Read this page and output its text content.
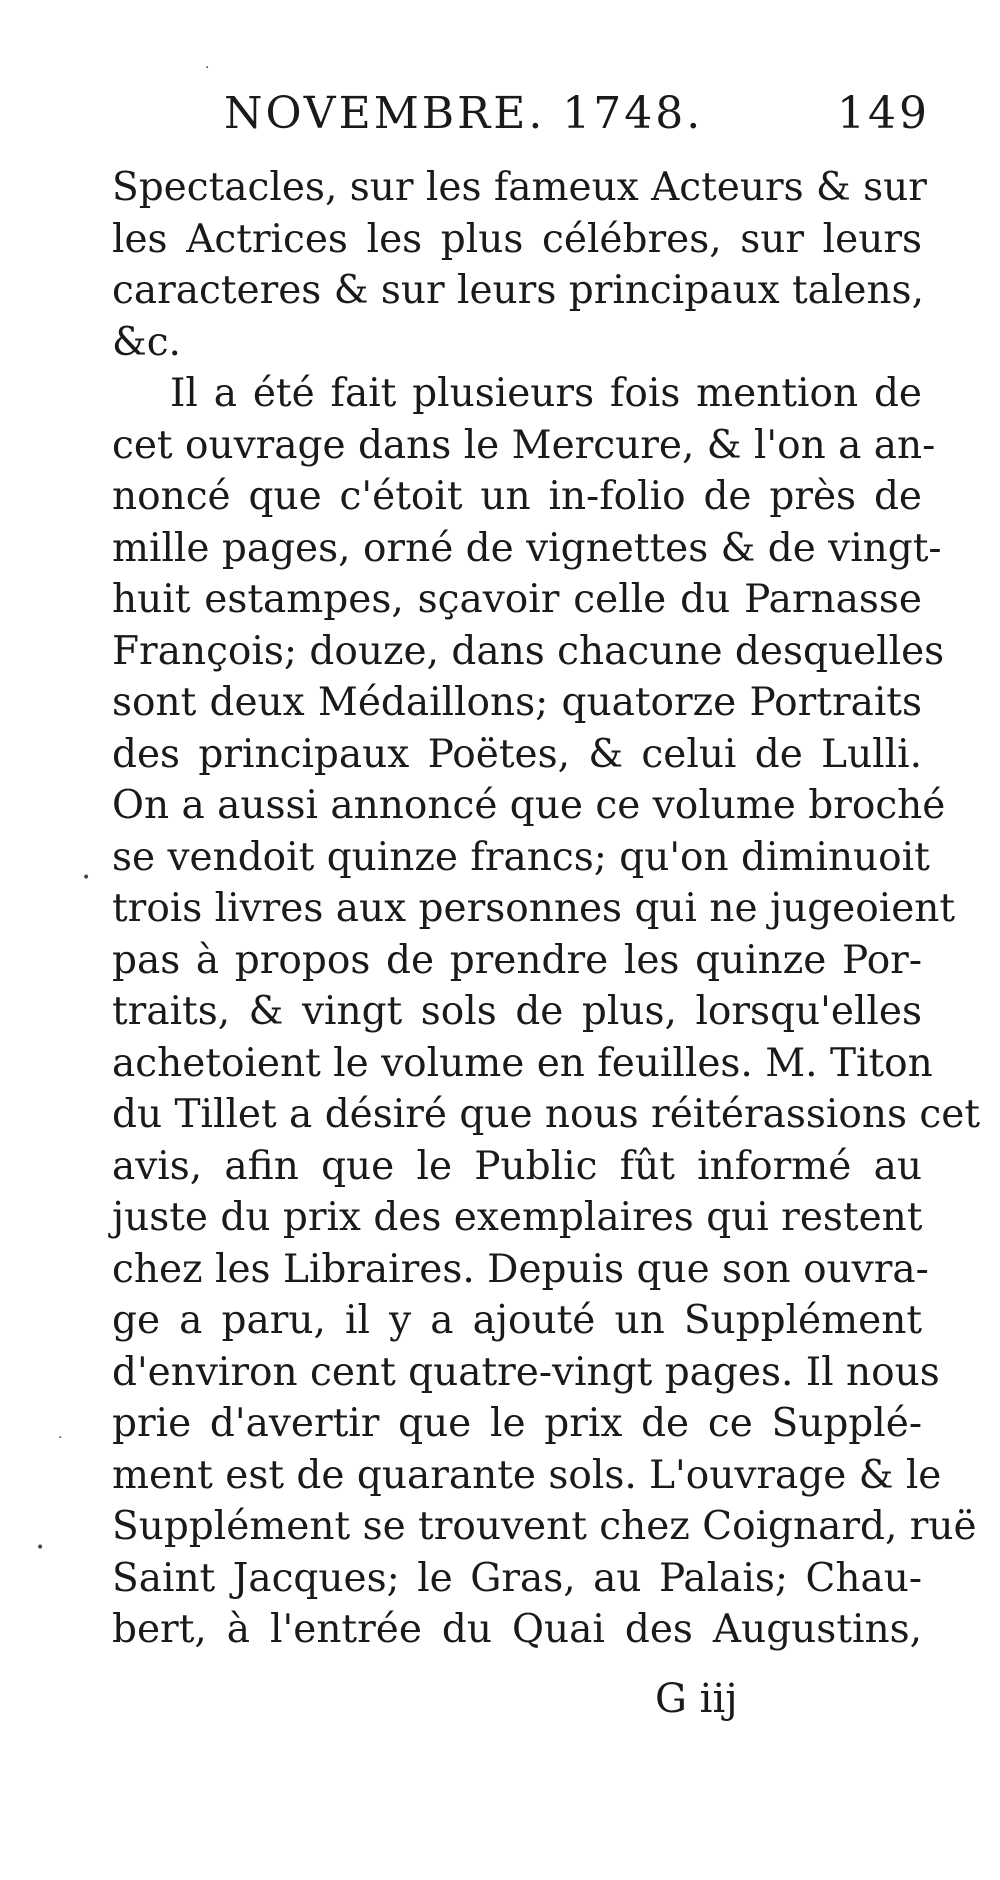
NOVEMBRE. 1748.	149
Spectacles, sur les fameux Acteurs & sur
les Actrices les plus célébres, sur leurs
caracteres & sur leurs principaux talens,
&c.
Il a été fait plusieurs fois mention de
cet ouvrage dans le Mercure, & l'on a an-
noncé que c'étoit un in-folio de près de
mille pages, orné de vignettes & de vingt-
huit estampes, sçavoir celle du Parnasse
François; douze, dans chacune desquelles
sont deux Médaillons; quatorze Portraits
des principaux Poëtes, & celui de Lulli.
On a aussi annoncé que ce volume broché
se vendoit quinze francs; qu'on diminuoit
trois livres aux personnes qui ne jugeoient
pas à propos de prendre les quinze Por-
traits, & vingt sols de plus, lorsqu'elles
achetoient le volume en feuilles. M. Titon
du Tillet a désiré que nous réitérassions cet
avis, afin que le Public fût informé au
juste du prix des exemplaires qui restent
chez les Libraires. Depuis que son ouvra-
ge a paru, il y a ajouté un Supplément
d'environ cent quatre-vingt pages. Il nous
prie d'avertir que le prix de ce Supplé-
ment est de quarante sols. L'ouvrage & le
Supplément se trouvent chez Coignard, ruë
Saint Jacques; le Gras, au Palais; Chau-
bert, à l'entrée du Quai des Augustins,
G iij
·
•
·
•
